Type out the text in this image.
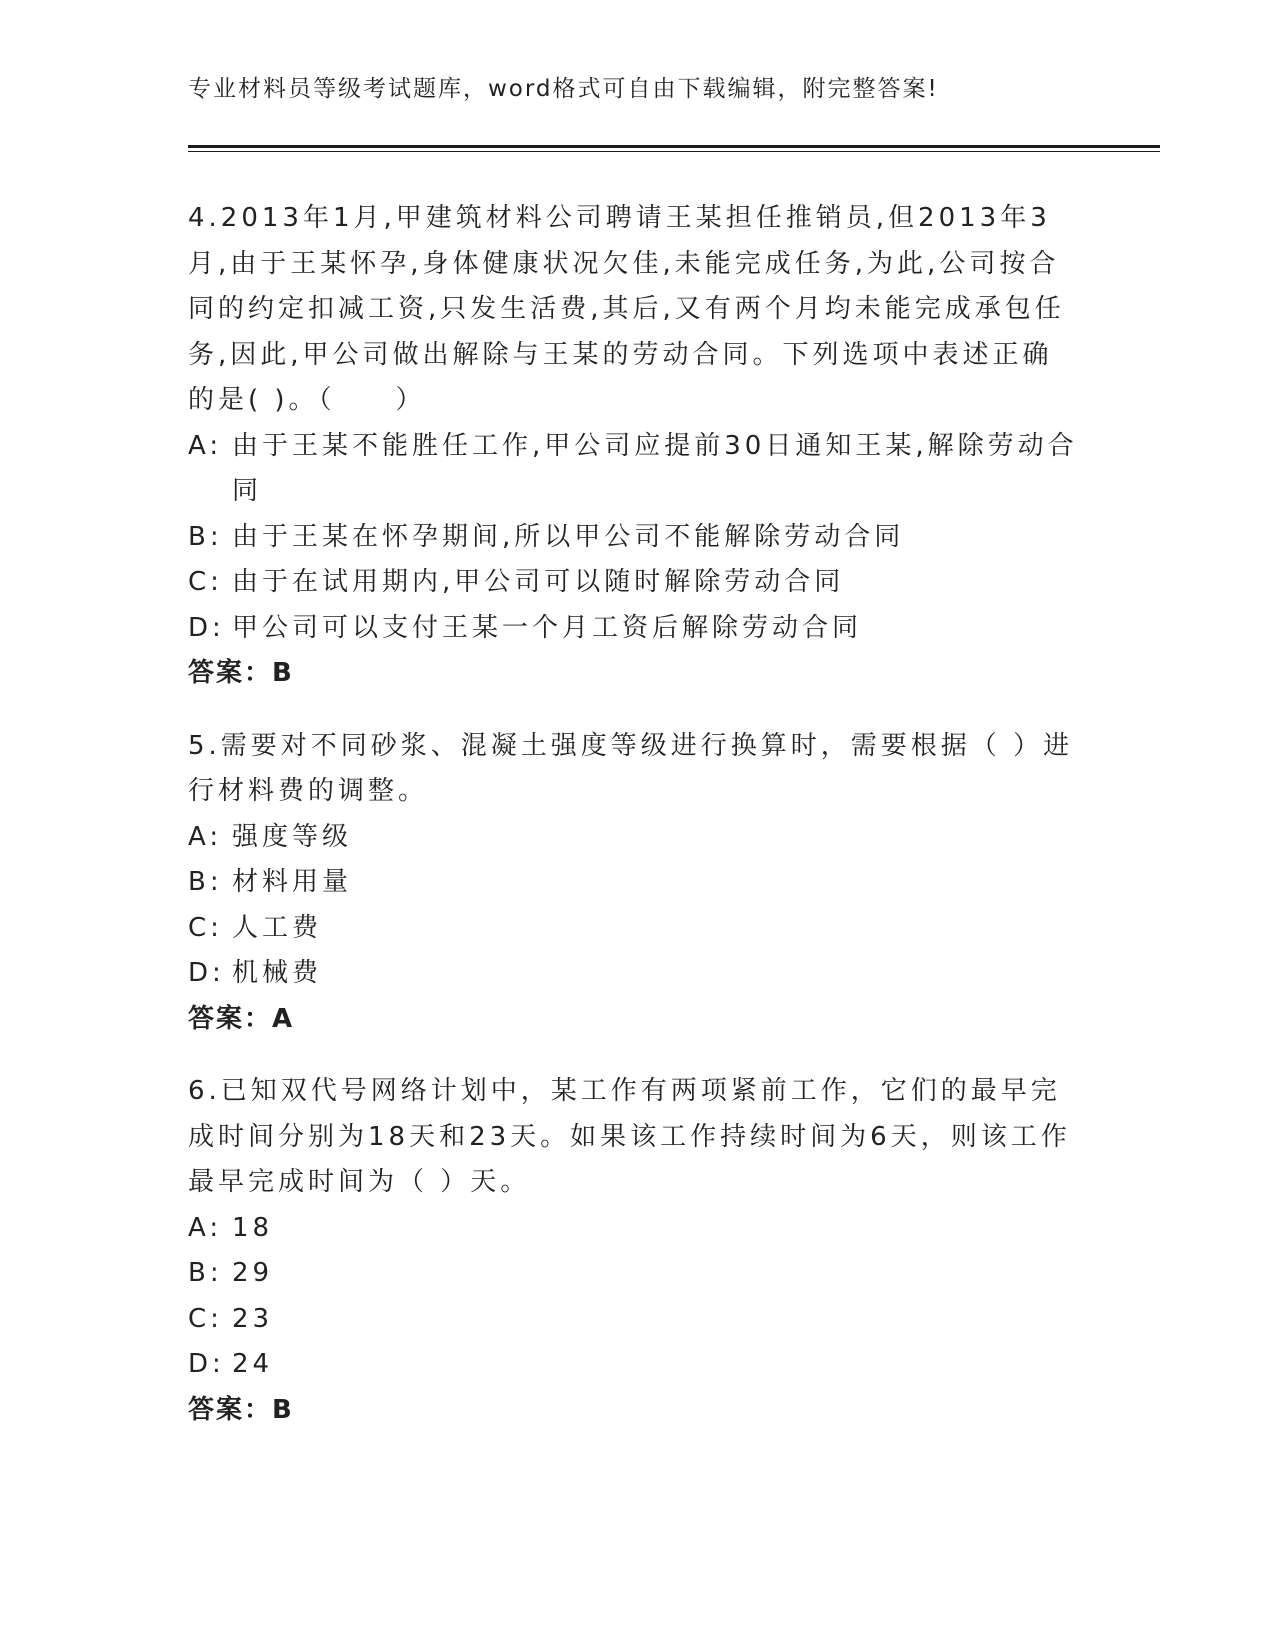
专业材料员等级考试题库，word格式可自由下载编辑，附完整答案!

4.2013年1月,甲建筑材料公司聘请王某担任推销员,但2013年3月,由于王某怀孕,身体健康状况欠佳,未能完成任务,为此,公司按合同的约定扣减工资,只发生活费,其后,又有两个月均未能完成承包任务,因此,甲公司做出解除与王某的劳动合同。下列选项中表述正确的是( )。（　　）

A: 由于王某不能胜任工作,甲公司应提前30日通知王某,解除劳动合同

B: 由于王某在怀孕期间,所以甲公司不能解除劳动合同

C: 由于在试用期内,甲公司可以随时解除劳动合同

D: 甲公司可以支付王某一个月工资后解除劳动合同

答案：B

5.需要对不同砂浆、混凝土强度等级进行换算时，需要根据（ ）进行材料费的调整。

A: 强度等级

B: 材料用量

C: 人工费

D: 机械费

答案：A

6.已知双代号网络计划中，某工作有两项紧前工作，它们的最早完成时间分别为18天和23天。如果该工作持续时间为6天，则该工作最早完成时间为（ ）天。

A: 18

B: 29

C: 23

D: 24

答案：B
